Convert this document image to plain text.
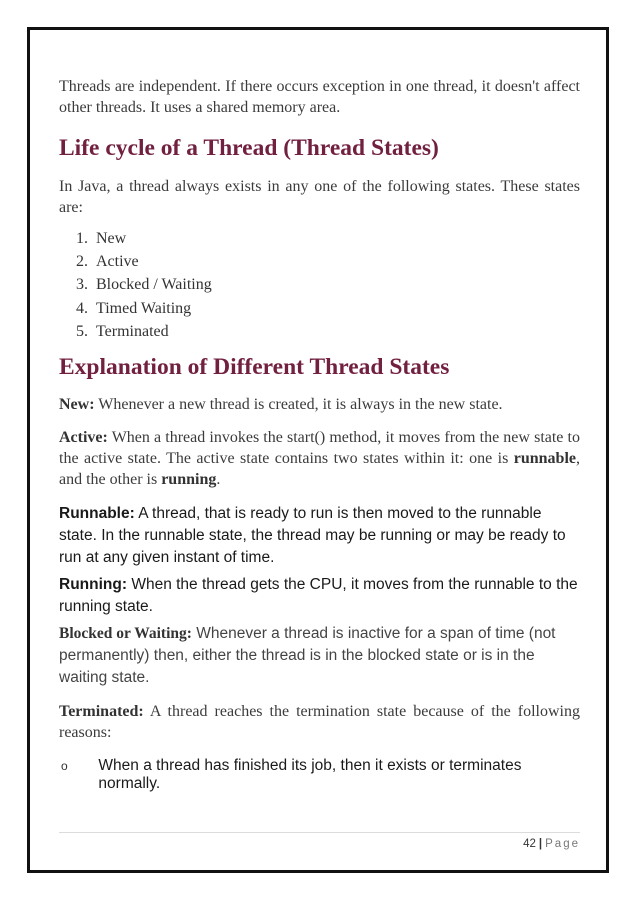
Threads are independent. If there occurs exception in one thread, it doesn't affect other threads. It uses a shared memory area.

Life cycle of a Thread (Thread States)

In Java, a thread always exists in any one of the following states. These states are:

1. New
2. Active
3. Blocked / Waiting
4. Timed Waiting
5. Terminated
Explanation of Different Thread States

New: Whenever a new thread is created, it is always in the new state.

Active: When a thread invokes the start() method, it moves from the new state to the active state. The active state contains two states within it: one is runnable, and the other is running.

Runnable: A thread, that is ready to run is then moved to the runnable state. In the runnable state, the thread may be running or may be ready to run at any given instant of time.

Running: When the thread gets the CPU, it moves from the runnable to the running state.

Blocked or Waiting: Whenever a thread is inactive for a span of time (not permanently) then, either the thread is in the blocked state or is in the waiting state.

Terminated: A thread reaches the termination state because of the following reasons:

o	When a thread has finished its job, then it exists or terminates normally.
42 | Page
